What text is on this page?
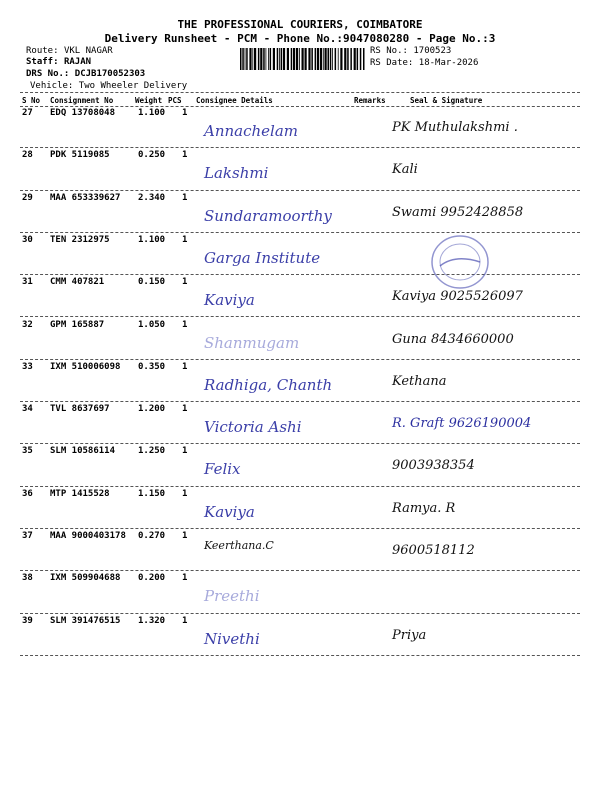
THE PROFESSIONAL COURIERS, COIMBATORE
Delivery Runsheet - PCM - Phone No.:9047080280 - Page No.:3
Route: VKL NAGAR
Staff: RAJAN
DRS No.: DCJB170052303
Vehicle: Two Wheeler Delivery
RS No.: 1700523
RS Date: 18-Mar-2026
S No Consignment No	Weight PCS Consignee Details	Remarks	Seal & Signature
27 EDQ 13708048	1.100 1
Annachelam	PK Muthulakshmi .
28 PDK 5119085	0.250 1
Lakshmi	Kali
29 MAA 653339627 2.340 1
Sundaramoorthy	Swami 9952428858
30 TEN 2312975	1.100 1
Garga Institute
31 CMM 407821	0.150 1
Kaviya	Kaviya 9025526097
32 GPM 165887	1.050 1
Shanmugam	Guna 8434660000
33 IXM 510006098 0.350 1
Radhiga, Chanth	Kethana
34 TVL 8637697	1.200 1
Victoria Ashi	R. Graft 9626190004
35 SLM 10586114	1.250 1
Felix	9003938354
36 MTP 1415528	1.150 1
Kaviya	Ramya. R
37 MAA 9000403178 0.270 1
Keerthana.C	9600518112
38 IXM 509904688 0.200 1
Preethi
39 SLM 391476515 1.320 1
Nivethi	Priya
